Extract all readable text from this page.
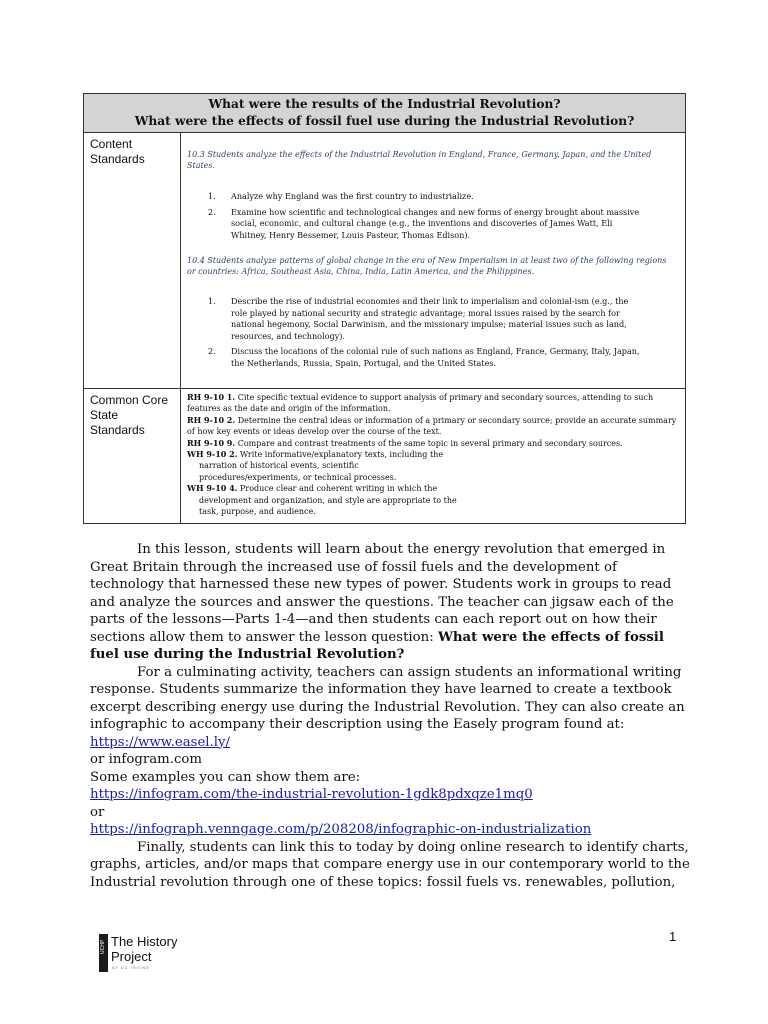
What were the results of the Industrial Revolution?
What were the effects of fossil fuel use during the Industrial Revolution?
Content
Standards	10.3 Students analyze the effects of the Industrial Revolution in England, France, Germany, Japan, and the United States.
1. Analyze why England was the first country to industrialize.
2. Examine how scientific and technological changes and new forms of energy brought about massive social, economic, and cultural change (e.g., the inventions and discoveries of James Watt, Eli Whitney, Henry Bessemer, Louis Pasteur, Thomas Edison).
10.4 Students analyze patterns of global change in the era of New Imperialism in at least two of the following regions or countries: Africa, Southeast Asia, China, India, Latin America, and the Philippines.
1. Describe the rise of industrial economies and their link to imperialism and colonial-ism (e.g., the role played by national security and strategic advantage; moral issues raised by the search for national hegemony, Social Darwinism, and the missionary impulse; material issues such as land, resources, and technology).
2. Discuss the locations of the colonial rule of such nations as England, France, Germany, Italy, Japan, the Netherlands, Russia, Spain, Portugal, and the United States.
Common Core
State
Standards

RH 9-10 1. Cite specific textual evidence to support analysis of primary and secondary sources, attending to such features as the date and origin of the information.

RH 9-10 2. Determine the central ideas or information of a primary or secondary source; provide an accurate summary of how key events or ideas develop over the course of the text.

RH 9-10 9. Compare and contrast treatments of the same topic in several primary and secondary sources.

WH 9-10 2. Write informative/explanatory texts, including the

narration of historical events, scientific

procedures/experiments, or technical processes.

WH 9-10 4. Produce clear and coherent writing in which the

development and organization, and style are appropriate to the

task, purpose, and audience.

In this lesson, students will learn about the energy revolution that emerged in Great Britain through the increased use of fossil fuels and the development of technology that harnessed these new types of power. Students work in groups to read and analyze the sources and answer the questions. The teacher can jigsaw each of the parts of the lessons—Parts 1-4—and then students can each report out on how their sections allow them to answer the lesson question: What were the effects of fossil fuel use during the Industrial Revolution?

For a culminating activity, teachers can assign students an informational writing response. Students summarize the information they have learned to create a textbook excerpt describing energy use during the Industrial Revolution. They can also create an infographic to accompany their description using the Easely program found at:

https://www.easel.ly/

or infogram.com

Some examples you can show them are:

https://infogram.com/the-industrial-revolution-1gdk8pdxqze1mq0

or

https://infograph.venngage.com/p/208208/infographic-on-industrialization

Finally, students can link this to today by doing online research to identify charts, graphs, articles, and/or maps that compare energy use in our contemporary world to the Industrial revolution through one of these topics: fossil fuels vs. renewables, pollution,

UCHP The History
Project
AT UC IRVINE
1
